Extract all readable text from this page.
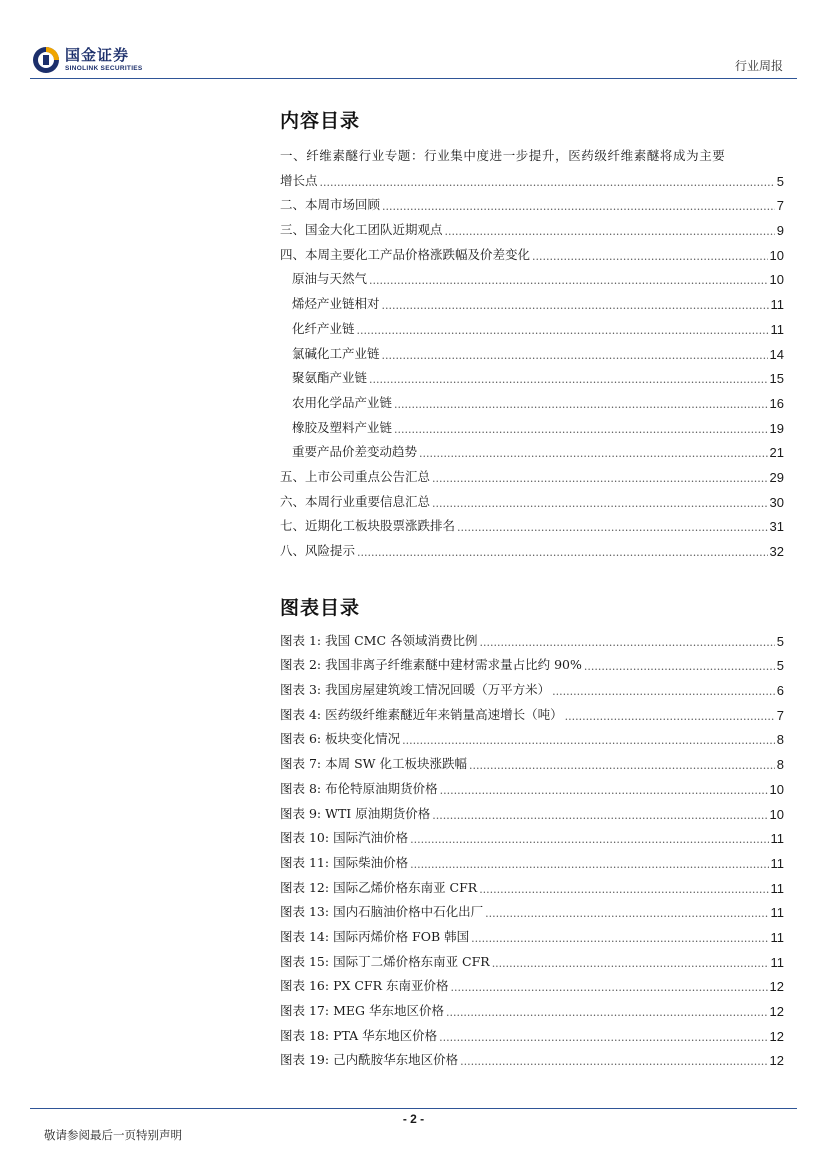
国金证券
SINOLINK SECURITIES	行业周报
内容目录
一、纤维素醚行业专题：行业集中度进一步提升，医药级纤维素醚将成为主要
增长点 .....	5
二、本周市场回顾 .....	7
三、国金大化工团队近期观点 .....	9
四、本周主要化工产品价格涨跌幅及价差变化 .....	10
原油与天然气 .....	10
烯烃产业链相对 .....	11
化纤产业链 .....	11
氯碱化工产业链 .....	14
聚氨酯产业链 .....	15
农用化学品产业链 .....	16
橡胶及塑料产业链 .....	19
重要产品价差变动趋势 .....	21
五、上市公司重点公告汇总 .....	29
六、本周行业重要信息汇总 .....	30
七、近期化工板块股票涨跌排名 .....	31
八、风险提示 .....	32
图表目录
图表 1: 我国 CMC 各领域消费比例 .....	5
图表 2: 我国非离子纤维素醚中建材需求量占比约 90% .....	5
图表 3: 我国房屋建筑竣工情况回暖（万平方米） .....	6
图表 4: 医药级纤维素醚近年来销量高速增长（吨） .....	7
图表 6: 板块变化情况 .....	8
图表 7: 本周 SW 化工板块涨跌幅 .....	8
图表 8: 布伦特原油期货价格 .....	10
图表 9: WTI 原油期货价格 .....	10
图表 10: 国际汽油价格 .....	11
图表 11: 国际柴油价格 .....	11
图表 12: 国际乙烯价格东南亚 CFR .....	11
图表 13: 国内石脑油价格中石化出厂 .....	11
图表 14: 国际丙烯价格 FOB 韩国 .....	11
图表 15: 国际丁二烯价格东南亚 CFR .....	11
图表 16: PX CFR 东南亚价格 .....	12
图表 17: MEG 华东地区价格 .....	12
图表 18: PTA 华东地区价格 .....	12
图表 19: 己内酰胺华东地区价格 .....	12
- 2 -
敬请参阅最后一页特别声明
